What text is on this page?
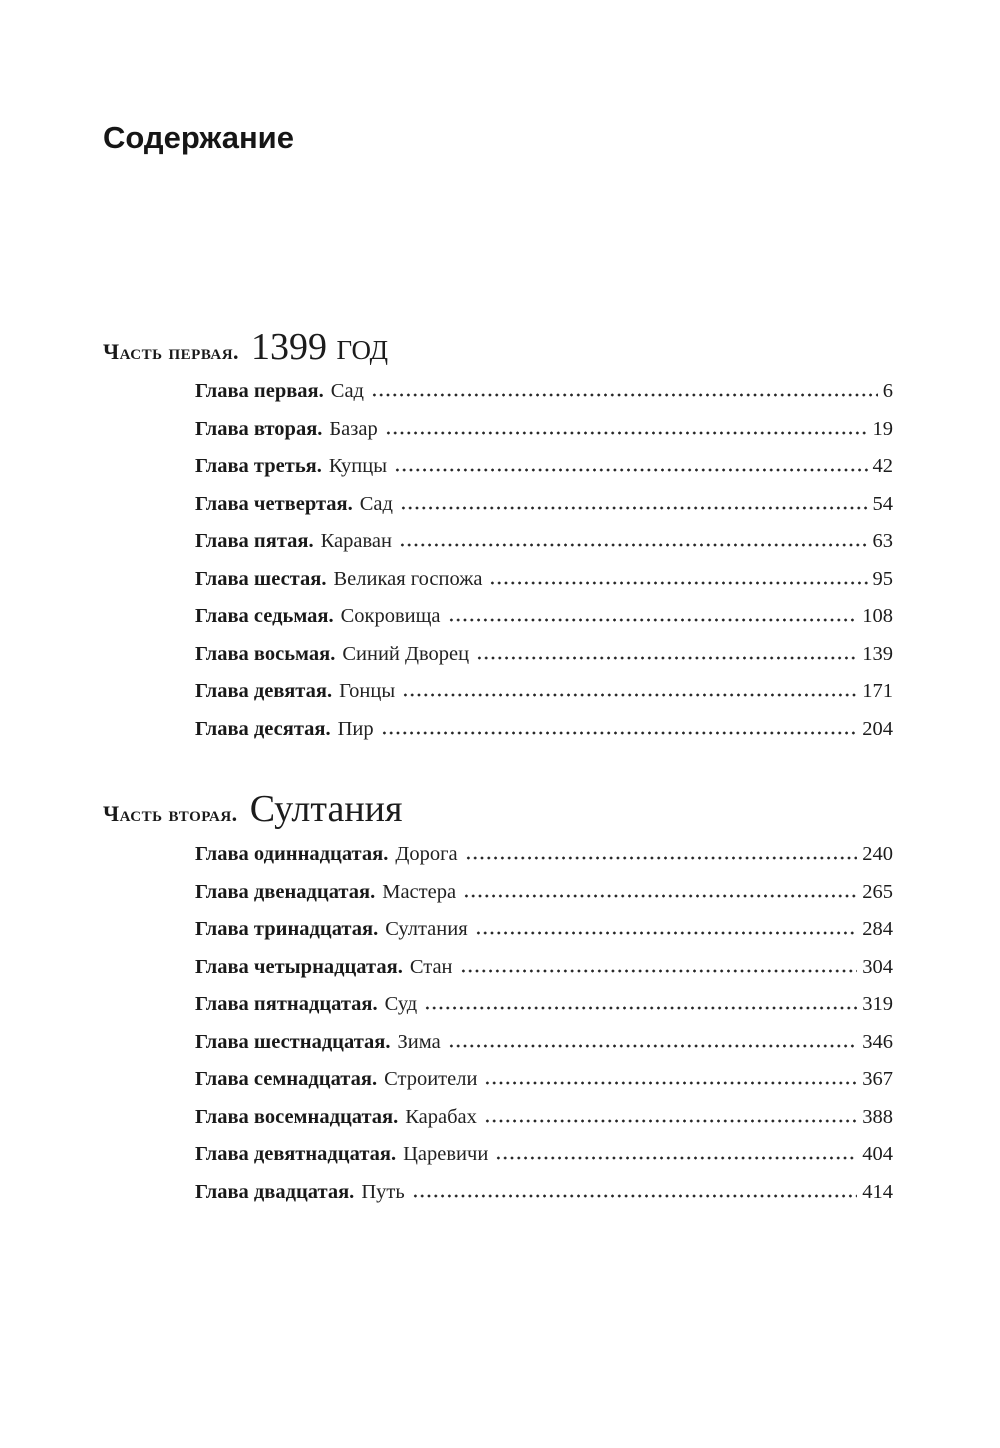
Содержание
Часть первая. 1399 год
Глава первая. Сад	6
Глава вторая. Базар	19
Глава третья. Купцы	42
Глава четвертая. Сад	54
Глава пятая. Караван	63
Глава шестая. Великая госпожа	95
Глава седьмая. Сокровища	108
Глава восьмая. Синий Дворец	139
Глава девятая. Гонцы	171
Глава десятая. Пир	204
Часть вторая. Султания
Глава одиннадцатая. Дорога	240
Глава двенадцатая. Мастера	265
Глава тринадцатая. Султания	284
Глава четырнадцатая. Стан	304
Глава пятнадцатая. Суд	319
Глава шестнадцатая. Зима	346
Глава семнадцатая. Строители	367
Глава восемнадцатая. Карабах	388
Глава девятнадцатая. Царевичи	404
Глава двадцатая. Путь	414
